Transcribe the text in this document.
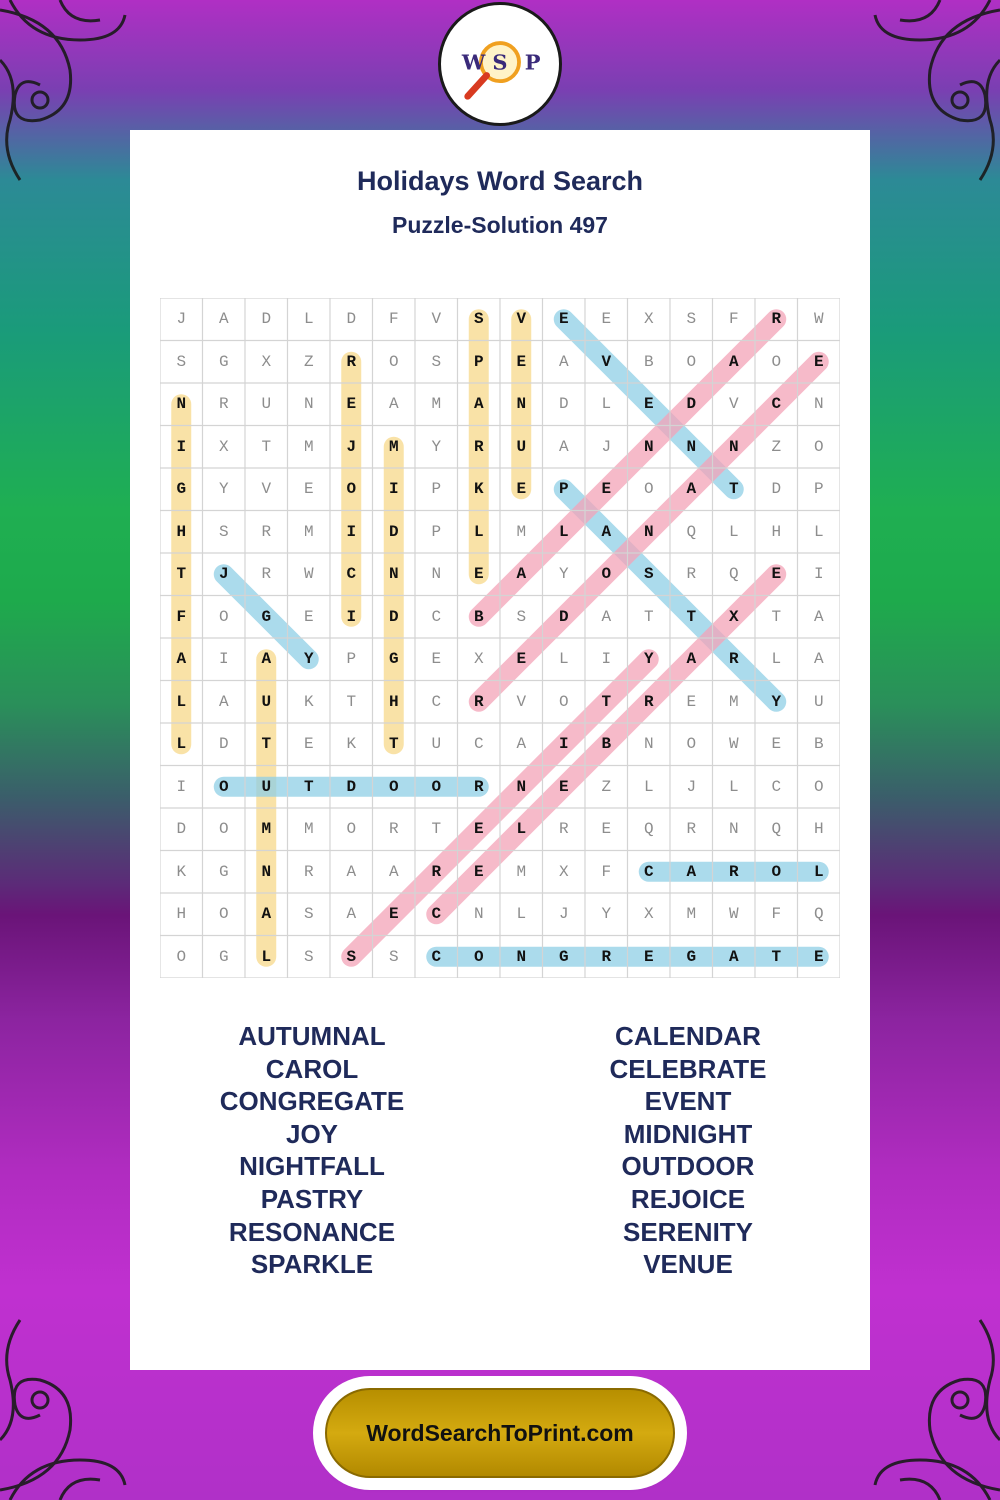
W S P
Holidays Word Search
Puzzle-Solution 497
J	A	D	L	D	F	V	S	V	E	E	X	S	F	R	W
S	G	X	Z	R	O	S	P	E	A	V	B	O	A	O	E
N	R	U	N	E	A	M	A	N	D	L	E	D	V	C	N
I	X	T	M	J	M	Y	R	U	A	J	N	N	N	Z	O
G	Y	V	E	O	I	P	K	E	P	E	O	A	T	D	P
H	S	R	M	I	D	P	L	M	L	A	N	Q	L	H	L
T	J	R	W	C	N	N	E	A	Y	O	S	R	Q	E	I
F	O	G	E	I	D	C	B	S	D	A	T	T	X	T	A
A	I	A	Y	P	G	E	X	E	L	I	Y	A	R	L	A
L	A	U	K	T	H	C	R	V	O	T	R	E	M	Y	U
L	D	T	E	K	T	U	C	A	I	B	N	O	W	E	B
I	O	U	T	D	O	O	R	N	E	Z	L	J	L	C	O
D	O	M	M	O	R	T	E	L	R	E	Q	R	N	Q	H
K	G	N	R	A	A	R	E	M	X	F	C	A	R	O	L
H	O	A	S	A	E	C	N	L	J	Y	X	M	W	F	Q
O	G	L	S	S	S	C	O	N	G	R	E	G	A	T	E
AUTUMNAL
CAROL
CONGREGATE
JOY
NIGHTFALL
PASTRY
RESONANCE
SPARKLE
CALENDAR
CELEBRATE
EVENT
MIDNIGHT
OUTDOOR
REJOICE
SERENITY
VENUE
WordSearchToPrint.com
